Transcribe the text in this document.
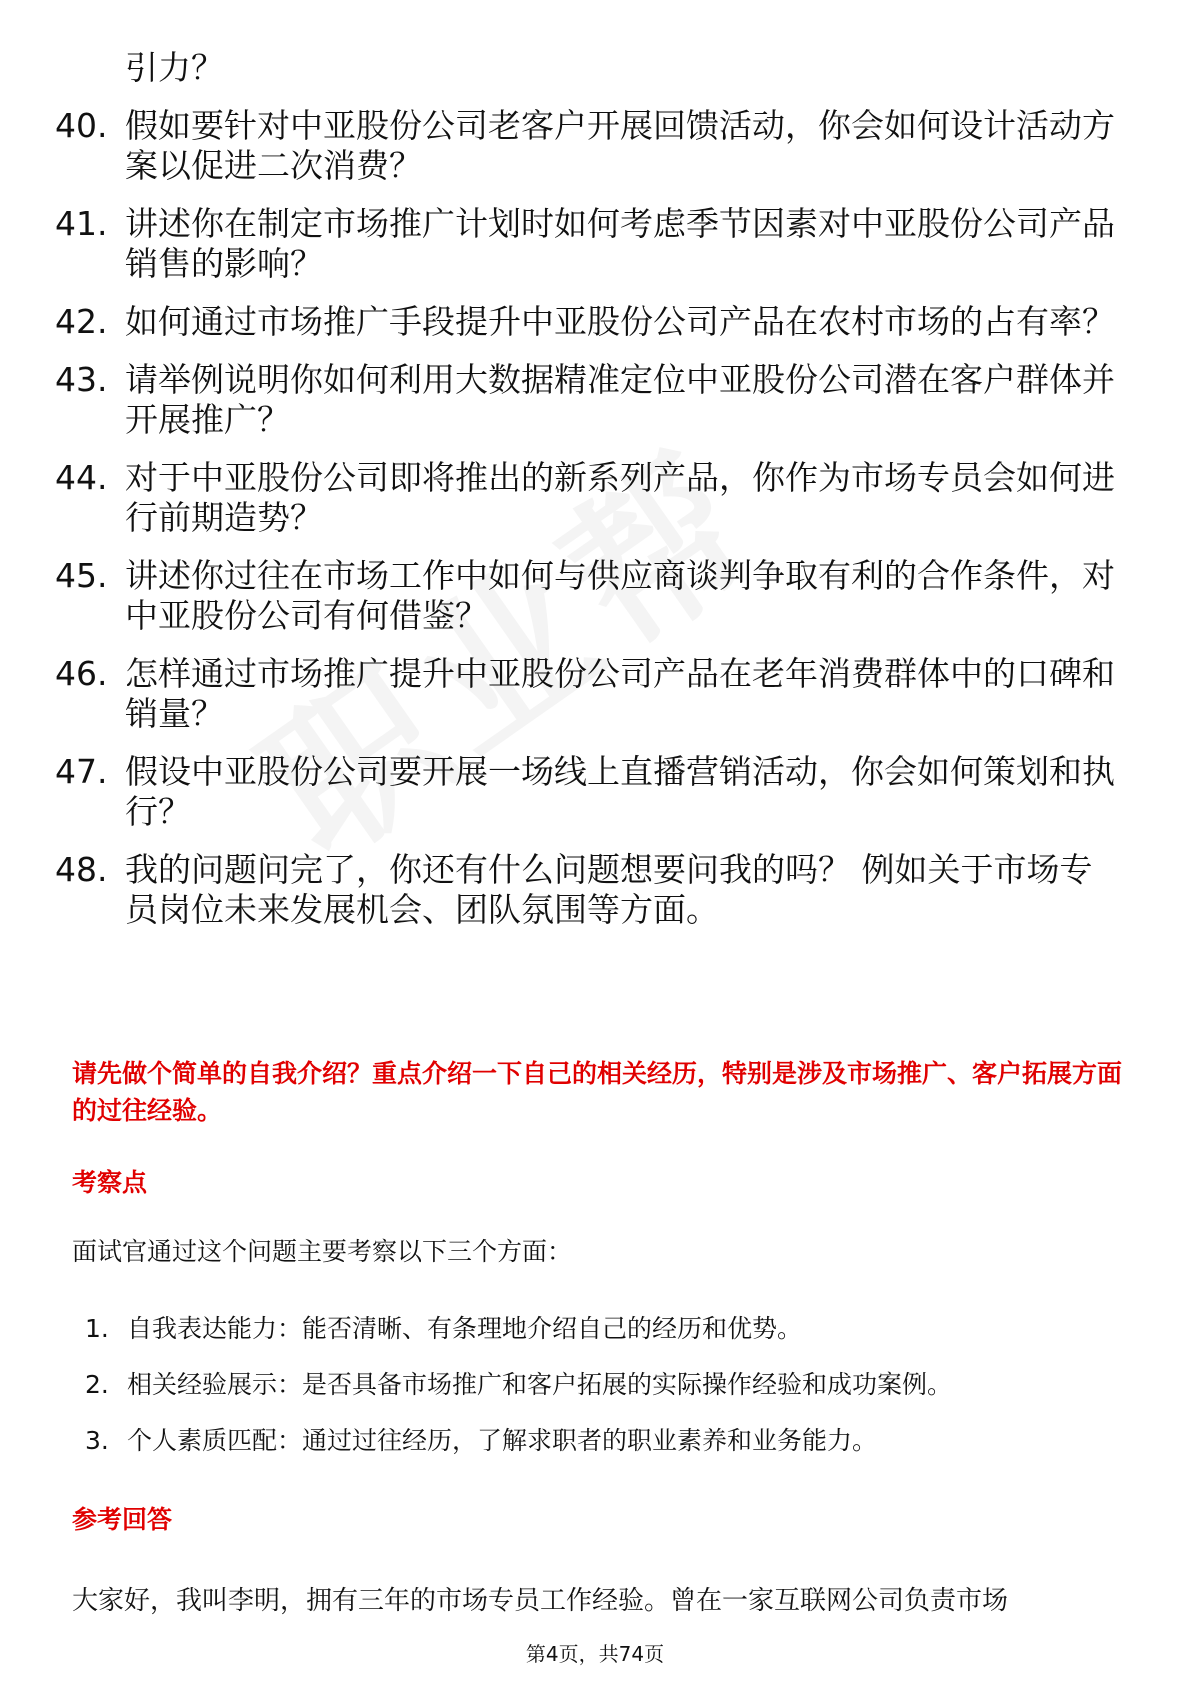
引力？
40. 假如要针对中亚股份公司老客户开展回馈活动，你会如何设计活动方案以促进二次消费？
41. 讲述你在制定市场推广计划时如何考虑季节因素对中亚股份公司产品销售的影响？
42. 如何通过市场推广手段提升中亚股份公司产品在农村市场的占有率？
43. 请举例说明你如何利用大数据精准定位中亚股份公司潜在客户群体并开展推广？
44. 对于中亚股份公司即将推出的新系列产品，你作为市场专员会如何进行前期造势？
45. 讲述你过往在市场工作中如何与供应商谈判争取有利的合作条件，对中亚股份公司有何借鉴？
46. 怎样通过市场推广提升中亚股份公司产品在老年消费群体中的口碑和销量？
47. 假设中亚股份公司要开展一场线上直播营销活动，你会如何策划和执行？
48. 我的问题问完了，你还有什么问题想要问我的吗？ 例如关于市场专员岗位未来发展机会、团队氛围等方面。
请先做个简单的自我介绍？重点介绍一下自己的相关经历，特别是涉及市场推广、客户拓展方面的过往经验。
考察点
面试官通过这个问题主要考察以下三个方面：
1. 自我表达能力：能否清晰、有条理地介绍自己的经历和优势。
2. 相关经验展示：是否具备市场推广和客户拓展的实际操作经验和成功案例。
3. 个人素质匹配：通过过往经历，了解求职者的职业素养和业务能力。
参考回答
大家好，我叫李明，拥有三年的市场专员工作经验。曾在一家互联网公司负责市场
第4页，共74页
